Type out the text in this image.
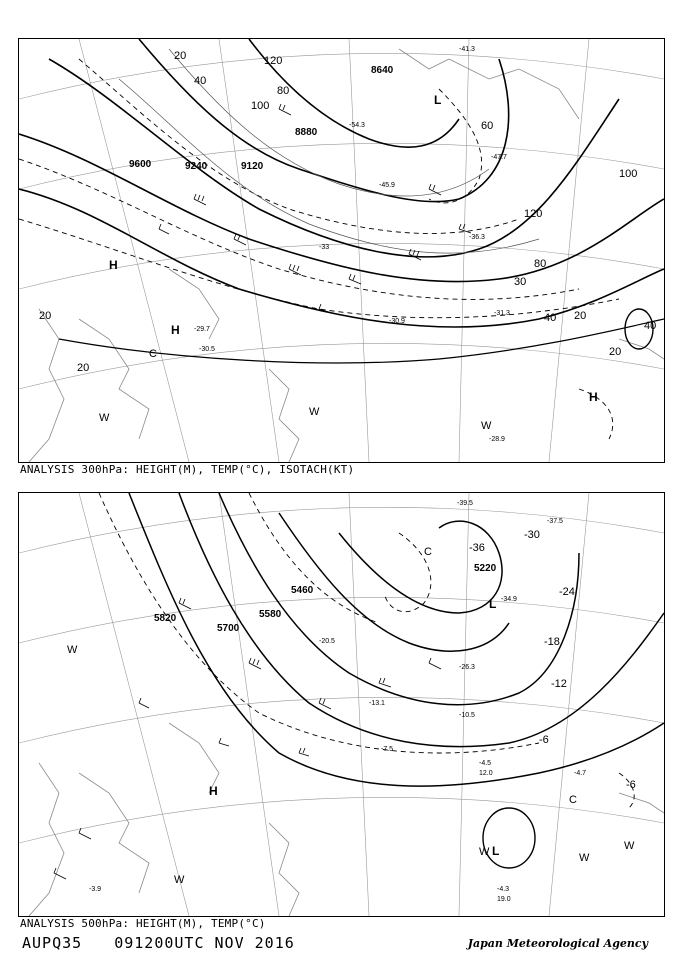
9600	9120
9240
8880
8640
20
40
100
120
80
60
100
120
80
40 20
40
30
20
20
20
L
H
H
H
C
W	W
W
-41.3
-45.9
-47.7
-54.3
-36.3
-31.3
-30.9
-29.7
-28.9
-30.5
-33
ANALYSIS 300hPa: HEIGHT(M), TEMP(°C), ISOTACH(KT)
5820
5700
5580
5460
5220
-30
-36
-24
-18
-12
-6
-6
L
L
H
C
C
W
W
W	W
W
-39.5
-37.5
-34.9
-26.3
-20.5
-13.1
-10.5
-7.5
-4.5
-4.7
-4.3
-3.9
12.0
19.0
ANALYSIS 500hPa: HEIGHT(M), TEMP(°C)
AUPQ35 091200UTC NOV 2016	Japan Meteorological Agency
